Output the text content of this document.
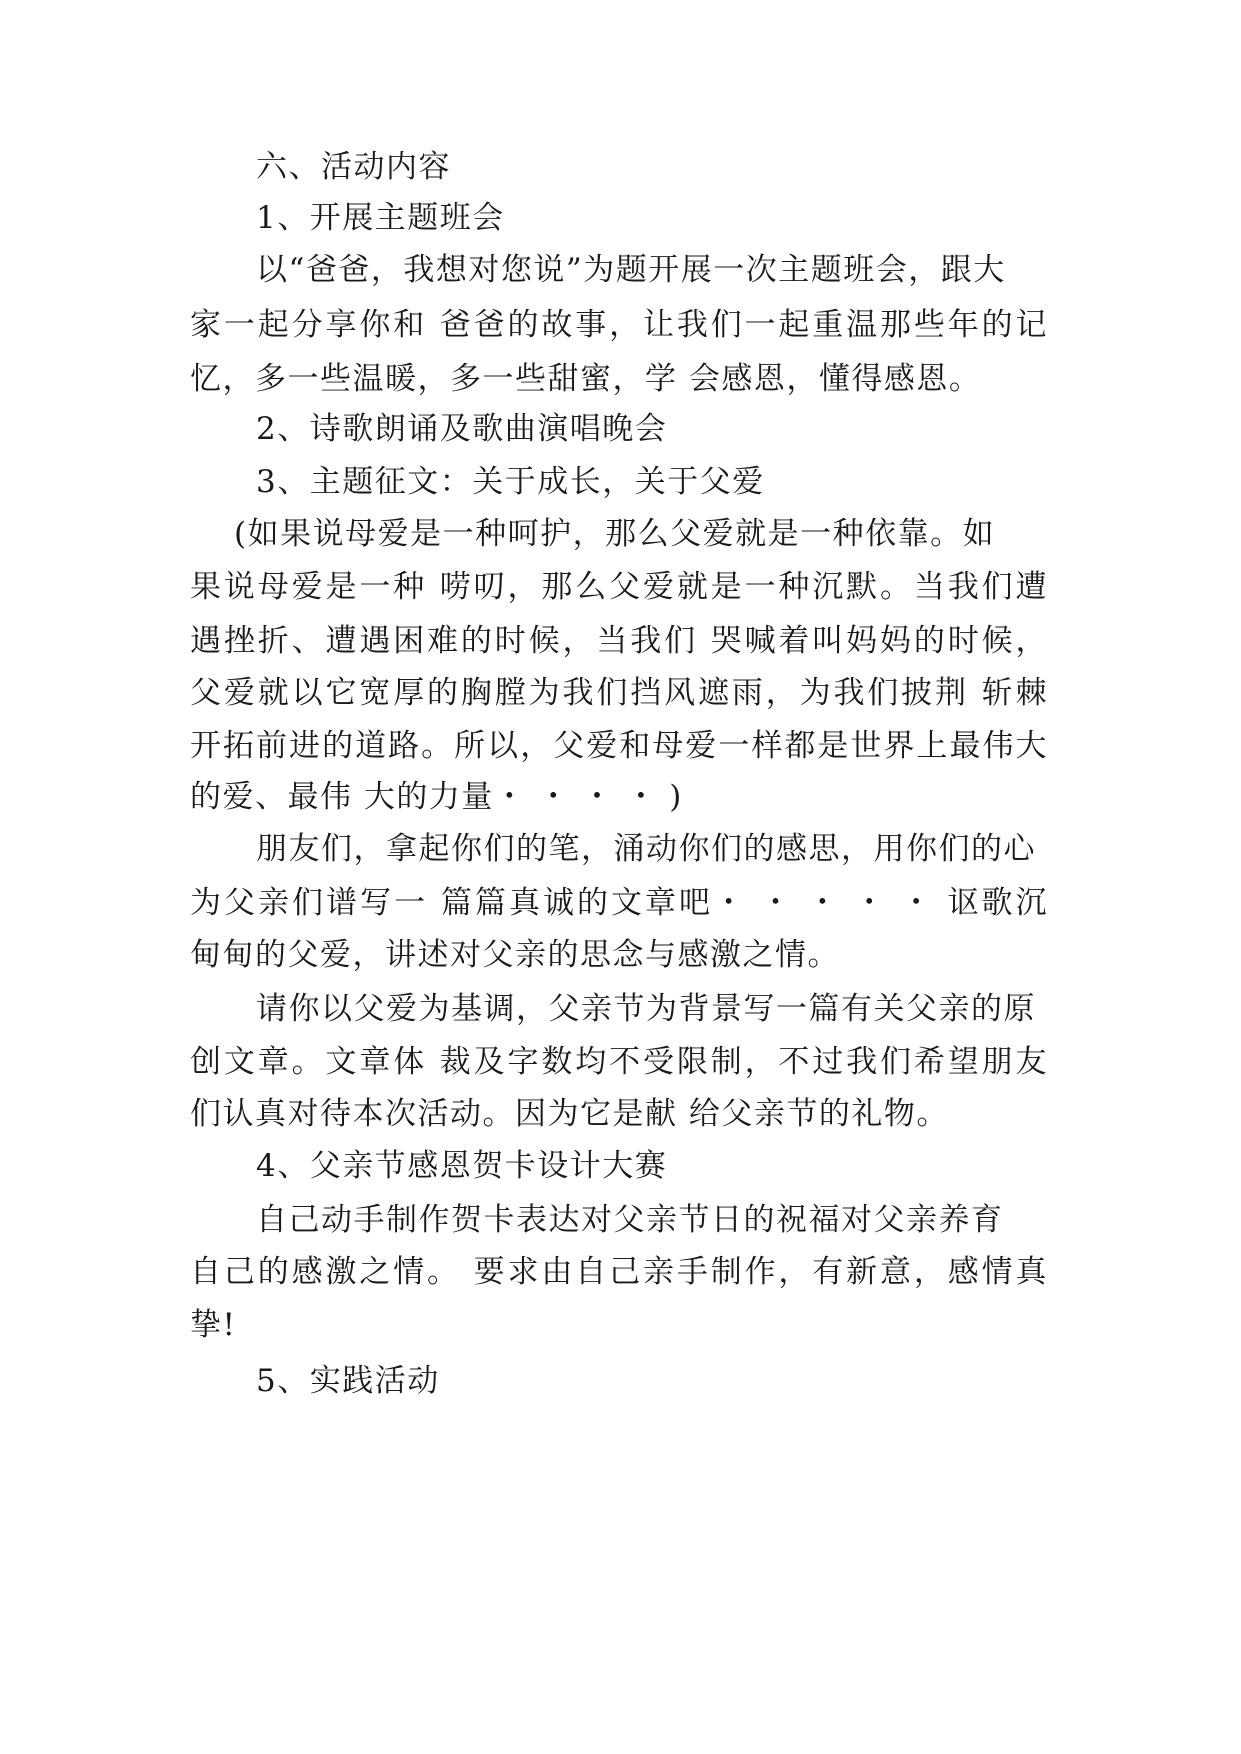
六、活动内容
1、开展主题班会
以“爸爸，我想对您说”为题开展一次主题班会，跟大
家一起分享你和 爸爸的故事，让我们一起重温那些年的记
忆，多一些温暖，多一些甜蜜，学 会感恩，懂得感恩。
2、诗歌朗诵及歌曲演唱晚会
3、主题征文：关于成长，关于父爱
(如果说母爱是一种呵护，那么父爱就是一种依靠。如
果说母爱是一种 唠叨，那么父爱就是一种沉默。当我们遭
遇挫折、遭遇困难的时候，当我们 哭喊着叫妈妈的时候，
父爱就以它宽厚的胸膛为我们挡风遮雨，为我们披荆 斩棘
开拓前进的道路。所以，父爱和母爱一样都是世界上最伟大
的爱、最伟 大的力量・ ・ ・ ・ )
朋友们，拿起你们的笔，涌动你们的感思，用你们的心
为父亲们谱写一 篇篇真诚的文章吧・ ・ ・ ・ ・ 讴歌沉
甸甸的父爱，讲述对父亲的思念与感激之情。
请你以父爱为基调，父亲节为背景写一篇有关父亲的原
创文章。文章体 裁及字数均不受限制，不过我们希望朋友
们认真对待本次活动。因为它是献 给父亲节的礼物。
4、父亲节感恩贺卡设计大赛
自己动手制作贺卡表达对父亲节日的祝福对父亲养育
自己的感激之情。 要求由自己亲手制作，有新意，感情真
挚!
5、实践活动
